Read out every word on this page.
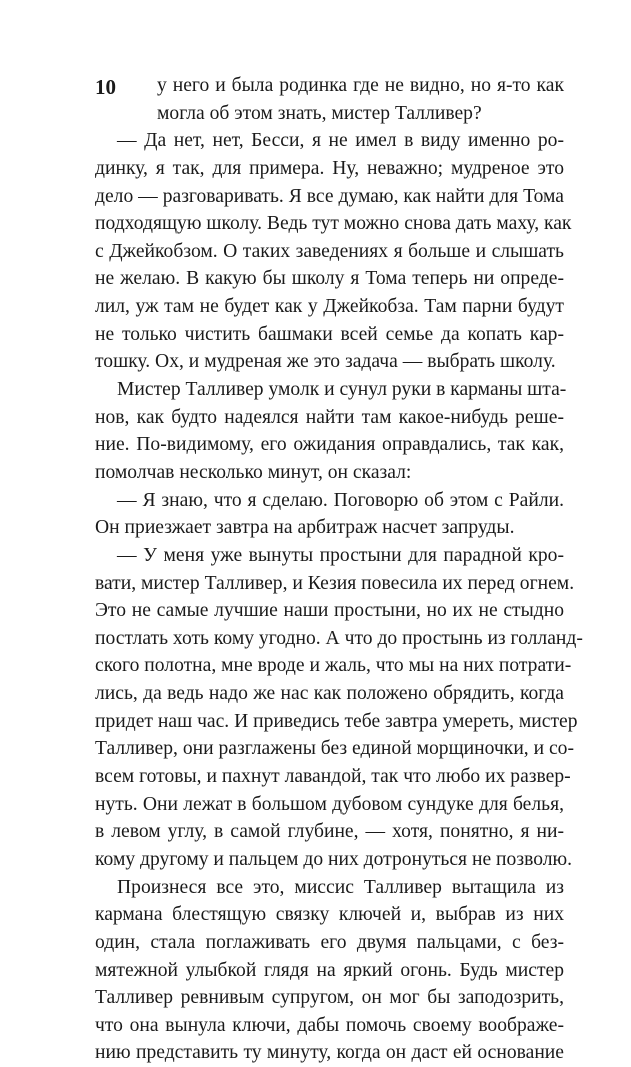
10	у него и была родинка где не видно, но я-то как
могла об этом знать, мистер Талливер?
— Да нет, нет, Бесси, я не имел в виду именно ро-
динку, я так, для примера. Ну, неважно; мудреное это
дело — разговаривать. Я все думаю, как найти для Тома
подходящую школу. Ведь тут можно снова дать маху, как
с Джейкобзом. О таких заведениях я больше и слышать
не желаю. В какую бы школу я Тома теперь ни опреде-
лил, уж там не будет как у Джейкобза. Там парни будут
не только чистить башмаки всей семье да копать кар-
тошку. Ох, и мудреная же это задача — выбрать школу.
Мистер Талливер умолк и сунул руки в карманы шта-
нов, как будто надеялся найти там какое-нибудь реше-
ние. По-видимому, его ожидания оправдались, так как,
помолчав несколько минут, он сказал:
— Я знаю, что я сделаю. Поговорю об этом с Райли.
Он приезжает завтра на арбитраж насчет запруды.
— У меня уже вынуты простыни для парадной кро-
вати, мистер Талливер, и Кезия повесила их перед огнем.
Это не самые лучшие наши простыни, но их не стыдно
постлать хоть кому угодно. А что до простынь из голланд-
ского полотна, мне вроде и жаль, что мы на них потрати-
лись, да ведь надо же нас как положено обрядить, когда
придет наш час. И приведись тебе завтра умереть, мистер
Талливер, они разглажены без единой морщиночки, и со-
всем готовы, и пахнут лавандой, так что любо их развер-
нуть. Они лежат в большом дубовом сундуке для белья,
в левом углу, в самой глубине, — хотя, понятно, я ни-
кому другому и пальцем до них дотронуться не позволю.
Произнеся все это, миссис Талливер вытащила из
кармана блестящую связку ключей и, выбрав из них
один, стала поглаживать его двумя пальцами, с без-
мятежной улыбкой глядя на яркий огонь. Будь мистер
Талливер ревнивым супругом, он мог бы заподозрить,
что она вынула ключи, дабы помочь своему воображе-
нию представить ту минуту, когда он даст ей основание
